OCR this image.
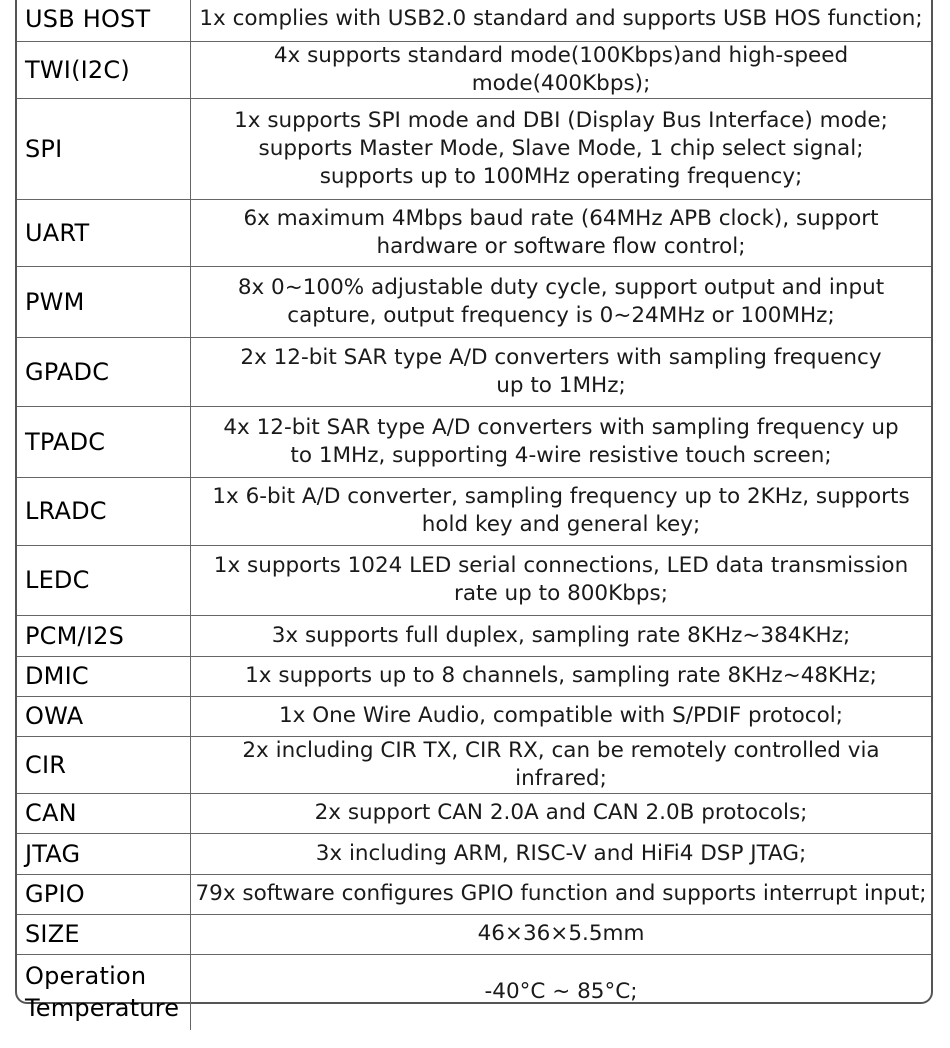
USB HOST	1x complies with USB2.0 standard and supports USB HOS function;
TWI(I2C)	4x supports standard mode(100Kbps)and high-speed mode(400Kbps);
SPI	1x supports SPI mode and DBI (Display Bus Interface) mode;
supports Master Mode, Slave Mode, 1 chip select signal;
supports up to 100MHz operating frequency;
UART	6x maximum 4Mbps baud rate (64MHz APB clock), support
hardware or software flow control;
PWM	8x 0~100% adjustable duty cycle, support output and input
capture, output frequency is 0~24MHz or 100MHz;
GPADC	2x 12-bit SAR type A/D converters with sampling frequency
up to 1MHz;
TPADC	4x 12-bit SAR type A/D converters with sampling frequency up
to 1MHz, supporting 4-wire resistive touch screen;
LRADC	1x 6-bit A/D converter, sampling frequency up to 2KHz, supports
hold key and general key;
LEDC	1x supports 1024 LED serial connections, LED data transmission
rate up to 800Kbps;
PCM/I2S	3x supports full duplex, sampling rate 8KHz~384KHz;
DMIC	1x supports up to 8 channels, sampling rate 8KHz~48KHz;
OWA	1x One Wire Audio, compatible with S/PDIF protocol;
CIR	2x including CIR TX, CIR RX, can be remotely controlled via infrared;
CAN	2x support CAN 2.0A and CAN 2.0B protocols;
JTAG	3x including ARM, RISC-V and HiFi4 DSP JTAG;
GPIO	79x software configures GPIO function and supports interrupt input;
SIZE	46×36×5.5mm
Operation Temperature	-40°C ~ 85°C;
